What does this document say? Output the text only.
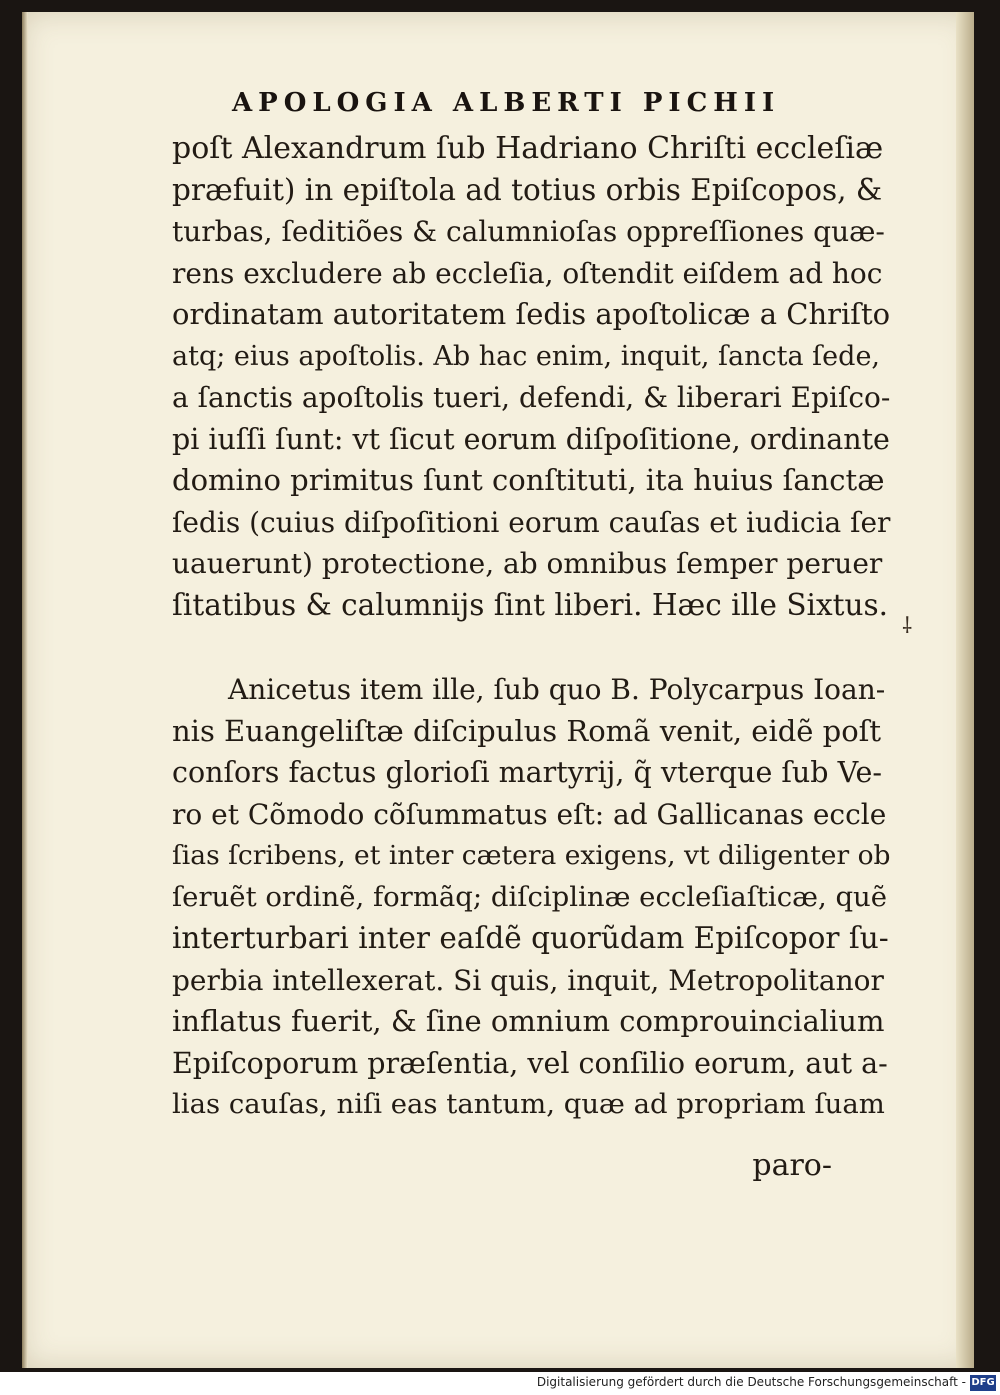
APOLOGIA ALBERTI PICHII
poſt Alexandrum ſub Hadriano Chriſti eccleſiæ
præfuit) in epiſtola ad totius orbis Epiſcopos, &
turbas, ſeditiões & calumnioſas oppreſſiones quæ-
rens excludere ab eccleſia, oſtendit eiſdem ad hoc
ordinatam autoritatem ſedis apoſtolicæ a Chriſto
atq; eius apoſtolis. Ab hac enim, inquit, ſancta ſede,
a ſanctis apoſtolis tueri, defendi, & liberari Epiſco-
pi iuſſi ſunt: vt ſicut eorum diſpoſitione, ordinante
domino primitus ſunt conſtituti, ita huius ſanctæ
ſedis (cuius diſpoſitioni eorum cauſas et iudicia ſer
uauerunt) protectione, ab omnibus ſemper peruer
ſitatibus & calumnijs ſint liberi. Hæc ille Sixtus.
Anicetus item ille, ſub quo B. Polycarpus Ioan-
nis Euangeliſtæ diſcipulus Romã venit, eidẽ poſt
conſors factus glorioſi martyrij, q̃ vterque ſub Ve-
ro et Cõmodo cõſummatus eſt: ad Gallicanas eccle
ſias ſcribens, et inter cætera exigens, vt diligenter ob
ſeruẽt ordinẽ, formãq; diſciplinæ eccleſiaſticæ, quẽ
interturbari inter eaſdẽ quorũdam Epiſcopor ſu-
perbia intellexerat. Si quis, inquit, Metropolitanor
inflatus fuerit, & ſine omnium comprouincialium
Epiſcoporum præſentia, vel conſilio eorum, aut a-
lias cauſas, niſi eas tantum, quæ ad propriam ſuam
⸸
paro-
Digitalisierung gefördert durch die Deutsche Forschungsgemeinschaft - DFG
